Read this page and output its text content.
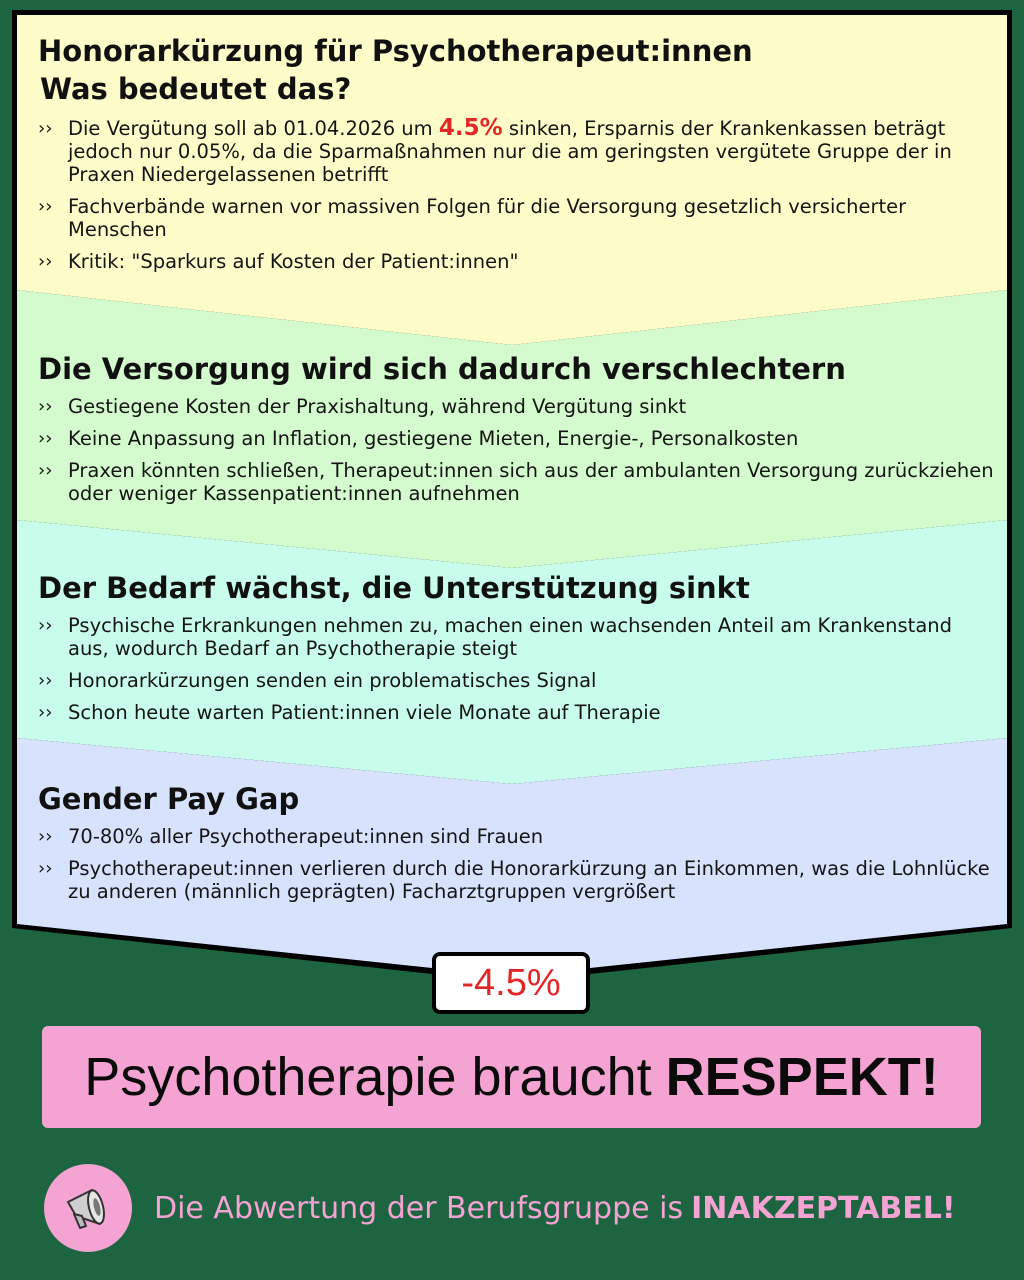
Honorarkürzung für Psychotherapeut:innen
Was bedeutet das?
›› Die Vergütung soll ab 01.04.2026 um 4.5% sinken, Ersparnis der Krankenkassen beträgt jedoch nur 0.05%, da die Sparmaßnahmen nur die am geringsten vergütete Gruppe der in Praxen Niedergelassenen betrifft
›› Fachverbände warnen vor massiven Folgen für die Versorgung gesetzlich versicherter Menschen
›› Kritik: "Sparkurs auf Kosten der Patient:innen"
Die Versorgung wird sich dadurch verschlechtern
›› Gestiegene Kosten der Praxishaltung, während Vergütung sinkt
›› Keine Anpassung an Inflation, gestiegene Mieten, Energie-, Personalkosten
›› Praxen könnten schließen, Therapeut:innen sich aus der ambulanten Versorgung zurückziehen oder weniger Kassenpatient:innen aufnehmen
Der Bedarf wächst, die Unterstützung sinkt
›› Psychische Erkrankungen nehmen zu, machen einen wachsenden Anteil am Krankenstand aus, wodurch Bedarf an Psychotherapie steigt
›› Honorarkürzungen senden ein problematisches Signal
›› Schon heute warten Patient:innen viele Monate auf Therapie
Gender Pay Gap
›› 70-80% aller Psychotherapeut:innen sind Frauen
›› Psychotherapeut:innen verlieren durch die Honorarkürzung an Einkommen, was die Lohnlücke zu anderen (männlich geprägten) Facharztgruppen vergrößert
-4.5%
Psychotherapie braucht RESPEKT!
Die Abwertung der Berufsgruppe is INAKZEPTABEL!
